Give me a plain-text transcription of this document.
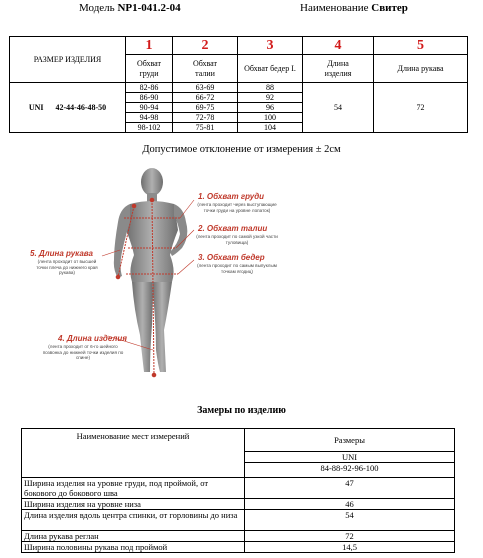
Модель NP1-041.2-04	Наименование Свитер
РАЗМЕР ИЗДЕЛИЯ	1	2	3	4	5
	Обхват груди	Обхват талии	Обхват бедер I.	Длина изделия	Длина рукава
UNI 42-44-46-48-50	82-86	63-69	88	54	72
	86-90	66-72	92		
	90-94	69-75	96		
	94-98	72-78	100		
	98-102	75-81	104		
Допустимое отклонение от измерения ± 2см
1. Обхват груди
(лента проходит через выступающие точки груди на уровне лопаток)
2. Обхват талии
(лента проходит по самой узкой части туловища)
3. Обхват бедер
(лента проходит по самым выпуклым точкам ягодиц)
5. Длина рукава
(лента проходит от высшей точки плеча до нижнего края рукава)
4. Длина изделия
(лента проходит от 6-го шейного позвонка до нижней точки изделия по спине)
Замеры по изделию
Наименование мест измерений	Размеры
	UNI
	84-88-92-96-100
Ширина изделия на уровне груди, под проймой, от бокового до бокового шва	47
Ширина изделия на уровне низа	46
Длина изделия вдоль центра спинки, от горловины до низа	54
Длина рукава реглан	72
Ширина половины рукава под проймой	14,5
